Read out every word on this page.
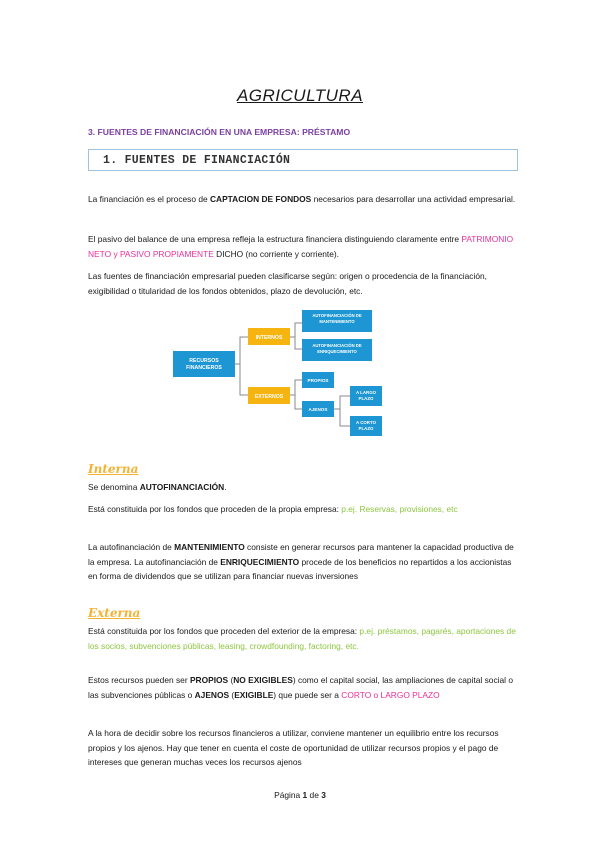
AGRICULTURA
3. FUENTES DE FINANCIACIÓN EN UNA EMPRESA: PRÉSTAMO
1. FUENTES DE FINANCIACIÓN
La financiación es el proceso de CAPTACION DE FONDOS necesarios para desarrollar una actividad empresarial.
El pasivo del balance de una empresa refleja la estructura financiera distinguiendo claramente entre PATRIMONIO NETO y PASIVO PROPIAMENTE DICHO (no corriente y corriente).
Las fuentes de financiación empresarial pueden clasificarse según: origen o procedencia de la financiación, exigibilidad o titularidad de los fondos obtenidos, plazo de devolución, etc.
RECURSOS
FINANCIEROS
INTERNOS
EXTERNOS
AUTOFINANCIACIÓN DE
MANTENIMIENTO
AUTOFINANCIACIÓN DE
ENRIQUECIMIENTO
PROPIOS
AJENOS
A LARGO
PLAZO
A CORTO
PLAZO
Interna
Se denomina AUTOFINANCIACIÓN.
Está constituida por los fondos que proceden de la propia empresa: p.ej. Reservas, provisiones, etc
La autofinanciación de MANTENIMIENTO consiste en generar recursos para mantener la capacidad productiva de la empresa. La autofinanciación de ENRIQUECIMIENTO procede de los beneficios no repartidos a los accionistas en forma de dividendos que se utilizan para financiar nuevas inversiones
Externa
Está constituida por los fondos que proceden del exterior de la empresa: p.ej. préstamos, pagarés, aportaciones de los socios, subvenciones públicas, leasing, crowdfounding, factoring, etc.
Estos recursos pueden ser PROPIOS (NO EXIGIBLES) como el capital social, las ampliaciones de capital social o las subvenciones públicas o AJENOS (EXIGIBLE) que puede ser a CORTO o LARGO PLAZO
A la hora de decidir sobre los recursos financieros a utilizar, conviene mantener un equilibrio entre los recursos propios y los ajenos. Hay que tener en cuenta el coste de oportunidad de utilizar recursos propios y el pago de intereses que generan muchas veces los recursos ajenos
Página 1 de 3
